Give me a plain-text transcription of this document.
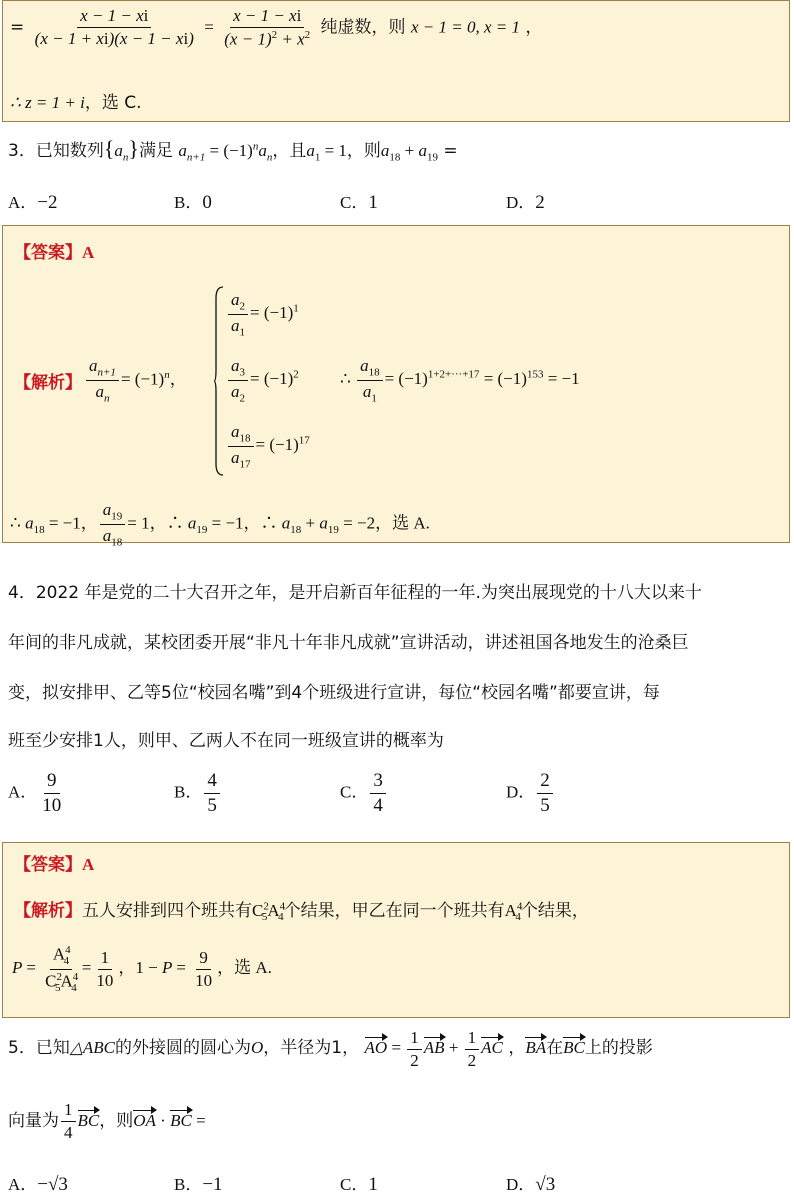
= $\frac{x - 1 - xi}{(x - 1 + xi)(x - 1 - xi)} = \frac{x - 1 - xi}{(x - 1)^2 + x^2}$ 纯虚数，则 x − 1 = 0, x = 1 ，
∴ z = 1 + i，选 C.
3．已知数列$\{a_n\}$满足 $a_{n+1} = (-1)^na_n$，且$a_1 = 1$，则$a_{18} + a_{19}$ =
A．−2	B．0	C．1	D．2
【答案】A
【解析】 $\frac{a_{n+1}}{a_n} = (-1)^n$，
$\frac{a_2}{a_1} = (-1)^1$
$\frac{a_3}{a_2} = (-1)^2$
$\frac{a_{18}}{a_{17}} = (-1)^{17}$
∴ $\frac{a_{18}}{a_1} = (-1)^{1+2+\cdot\cdot\cdot+17} = (-1)^{153} = -1$
∴ $a_{18} = -1$， $\frac{a_{19}}{a_{18}} = 1$，∴ $a_{19} = -1$，∴ $a_{18} + a_{19} = -2$，选 A.
4．2022 年是党的二十大召开之年，是开启新百年征程的一年.为突出展现党的十八大以来十
年间的非凡成就，某校团委开展“非凡十年非凡成就”宣讲活动，讲述祖国各地发生的沧桑巨
变，拟安排甲、乙等5位“校园名嘴”到4个班级进行宣讲，每位“校园名嘴”都要宣讲，每
班至少安排1人，则甲、乙两人不在同一班级宣讲的概率为
A． $\frac{9}{10}$	B． $\frac{4}{5}$	C． $\frac{3}{4}$	D． $\frac{2}{5}$
【答案】A
【解析】五人安排到四个班共有$C^2_5A^4_4$个结果，甲乙在同一个班共有$A^4_4$个结果，
$P = \frac{A^4_4}{C^2_5A^4_4} = \frac{1}{10}$ ，$1 - P = \frac{9}{10}$ ，选 A.
5．已知△ABC的外接圆的圆心为O，半径为1， AO = $\frac{1}{2}$ AB + $\frac{1}{2}$ AC ，BA在BC上的投影
向量为 $\frac{1}{4}$ BC，则OA · BC =
A．−√3	B．−1	C．1	D．√3
